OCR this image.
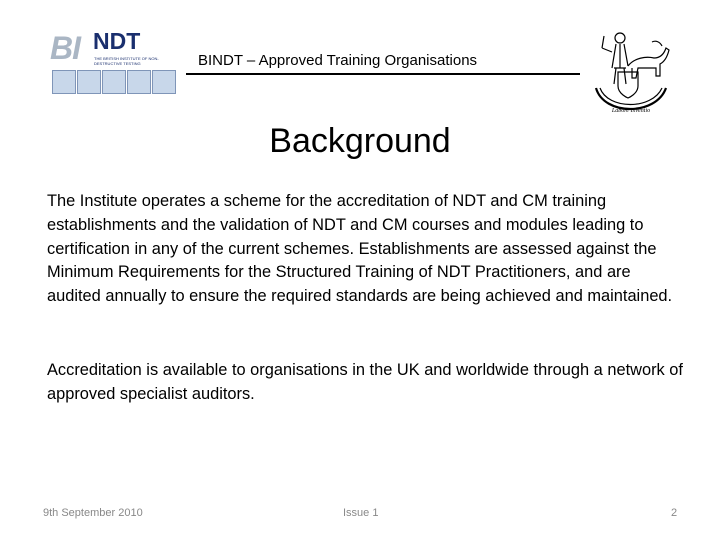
BI NDT
THE BRITISH INSTITUTE OF NON-DESTRUCTIVE TESTING	BINDT – Approved Training Organisations
Labore Inventio
Background

The Institute operates a scheme for the accreditation of NDT and CM training establishments and the validation of NDT and CM courses and modules leading to certification in any of the current schemes. Establishments are assessed against the Minimum Requirements for the Structured Training of NDT Practitioners, and are audited annually to ensure the required standards are being achieved and maintained.

Accreditation is available to organisations in the UK and worldwide through a network of approved specialist auditors.

9th September 2010	Issue 1	2
